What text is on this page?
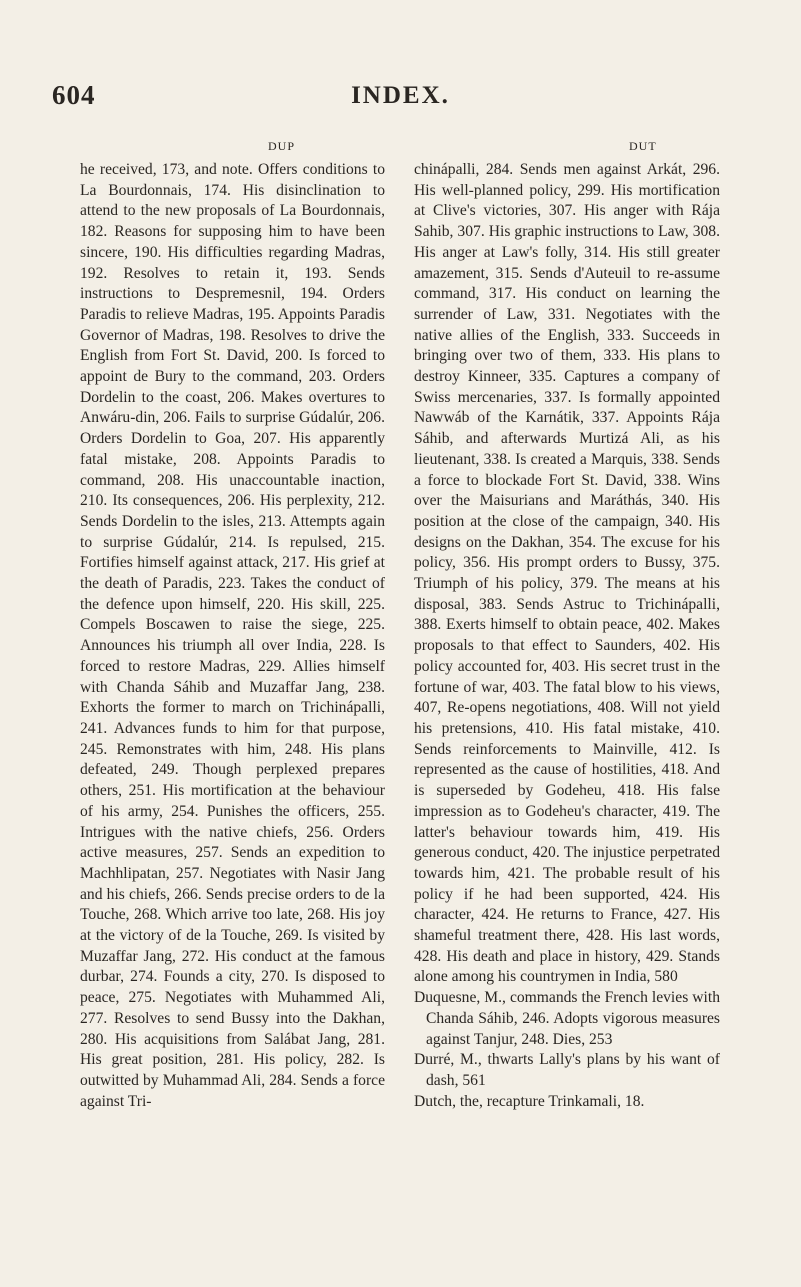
604	INDEX.
DUP	DUT

he received, 173, and note. Offers conditions to La Bourdonnais, 174. His disinclination to attend to the new proposals of La Bourdonnais, 182. Reasons for supposing him to have been sincere, 190. His difficulties regarding Madras, 192. Resolves to retain it, 193. Sends instructions to Despremesnil, 194. Orders Paradis to relieve Madras, 195. Appoints Paradis Governor of Madras, 198. Resolves to drive the English from Fort St. David, 200. Is forced to appoint de Bury to the command, 203. Orders Dordelin to the coast, 206. Makes overtures to Anwáru-din, 206. Fails to surprise Gúdalúr, 206. Orders Dordelin to Goa, 207. His apparently fatal mistake, 208. Appoints Paradis to command, 208. His unaccountable inaction, 210. Its consequences, 206. His perplexity, 212. Sends Dordelin to the isles, 213. Attempts again to surprise Gúdalúr, 214. Is repulsed, 215. Fortifies himself against attack, 217. His grief at the death of Paradis, 223. Takes the conduct of the defence upon himself, 220. His skill, 225. Compels Boscawen to raise the siege, 225. Announces his triumph all over India, 228. Is forced to restore Madras, 229. Allies himself with Chanda Sáhib and Muzaffar Jang, 238. Exhorts the former to march on Trichinápalli, 241. Advances funds to him for that purpose, 245. Remonstrates with him, 248. His plans defeated, 249. Though perplexed prepares others, 251. His mortification at the behaviour of his army, 254. Punishes the officers, 255. Intrigues with the native chiefs, 256. Orders active measures, 257. Sends an expedition to Machhlipatan, 257. Negotiates with Nasir Jang and his chiefs, 266. Sends precise orders to de la Touche, 268. Which arrive too late, 268. His joy at the victory of de la Touche, 269. Is visited by Muzaffar Jang, 272. His conduct at the famous durbar, 274. Founds a city, 270. Is disposed to peace, 275. Negotiates with Muhammed Ali, 277. Resolves to send Bussy into the Dakhan, 280. His acquisitions from Salábat Jang, 281. His great position, 281. His policy, 282. Is outwitted by Muhammad Ali, 284. Sends a force against Tri-

chinápalli, 284. Sends men against Arkát, 296. His well-planned policy, 299. His mortification at Clive's victories, 307. His anger with Rája Sahib, 307. His graphic instructions to Law, 308. His anger at Law's folly, 314. His still greater amazement, 315. Sends d'Auteuil to re-assume command, 317. His conduct on learning the surrender of Law, 331. Negotiates with the native allies of the English, 333. Succeeds in bringing over two of them, 333. His plans to destroy Kinneer, 335. Captures a company of Swiss mercenaries, 337. Is formally appointed Nawwáb of the Karnátik, 337. Appoints Rája Sáhib, and afterwards Murtizá Ali, as his lieutenant, 338. Is created a Marquis, 338. Sends a force to blockade Fort St. David, 338. Wins over the Maisurians and Maráthás, 340. His position at the close of the campaign, 340. His designs on the Dakhan, 354. The excuse for his policy, 356. His prompt orders to Bussy, 375. Triumph of his policy, 379. The means at his disposal, 383. Sends Astruc to Trichinápalli, 388. Exerts himself to obtain peace, 402. Makes proposals to that effect to Saunders, 402. His policy accounted for, 403. His secret trust in the fortune of war, 403. The fatal blow to his views, 407, Re-opens negotiations, 408. Will not yield his pretensions, 410. His fatal mistake, 410. Sends reinforcements to Mainville, 412. Is represented as the cause of hostilities, 418. And is superseded by Godeheu, 418. His false impression as to Godeheu's character, 419. The latter's behaviour towards him, 419. His generous conduct, 420. The injustice perpetrated towards him, 421. The probable result of his policy if he had been supported, 424. His character, 424. He returns to France, 427. His shameful treatment there, 428. His last words, 428. His death and place in history, 429. Stands alone among his countrymen in India, 580

Duquesne, M., commands the French levies with Chanda Sáhib, 246. Adopts vigorous measures against Tanjur, 248. Dies, 253

Durré, M., thwarts Lally's plans by his want of dash, 561

Dutch, the, recapture Trinkamali, 18.
